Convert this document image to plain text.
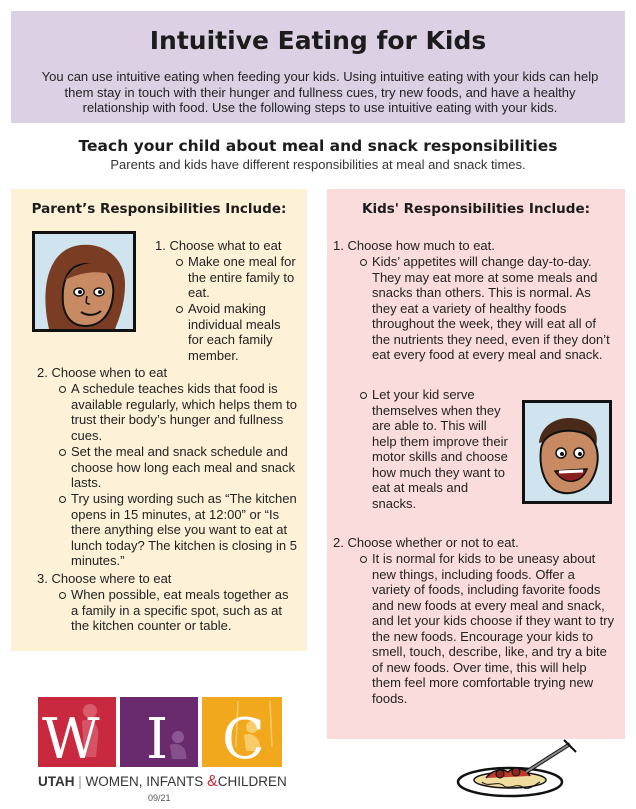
Intuitive Eating for Kids

You can use intuitive eating when feeding your kids. Using intuitive eating with your kids can help them stay in touch with their hunger and fullness cues, try new foods, and have a healthy relationship with food. Use the following steps to use intuitive eating with your kids.

Teach your child about meal and snack responsibilities
Parents and kids have different responsibilities at meal and snack times.
Parent’s Responsibilities Include:
1. Choose what to eat
Make one meal for the entire family to eat.
Avoid making individual meals for each family member.
2. Choose when to eat
A schedule teaches kids that food is available regularly, which helps them to trust their body’s hunger and fullness cues.
Set the meal and snack schedule and choose how long each meal and snack lasts.
Try using wording such as “The kitchen opens in 15 minutes, at 12:00” or “Is there anything else you want to eat at lunch today? The kitchen is closing in 5 minutes.”
3. Choose where to eat
When possible, eat meals together as a family in a specific spot, such as at the kitchen counter or table.
Kids' Responsibilities Include:
1. Choose how much to eat.
Kids’ appetites will change day-to-day. They may eat more at some meals and snacks than others. This is normal. As they eat a variety of healthy foods throughout the week, they will eat all of the nutrients they need, even if they don’t eat every food at every meal and snack.
Let your kid serve themselves when they are able to. This will help them improve their motor skills and choose how much they want to eat at meals and snacks.
2. Choose whether or not to eat.
It is normal for kids to be uneasy about new things, including foods. Offer a variety of foods, including favorite foods and new foods at every meal and snack, and let your kids choose if they want to try the new foods. Encourage your kids to smell, touch, describe, like, and try a bite of new foods. Over time, this will help them feel more comfortable trying new foods.
W I C
UTAH | WOMEN, INFANTS &CHILDREN
09/21
